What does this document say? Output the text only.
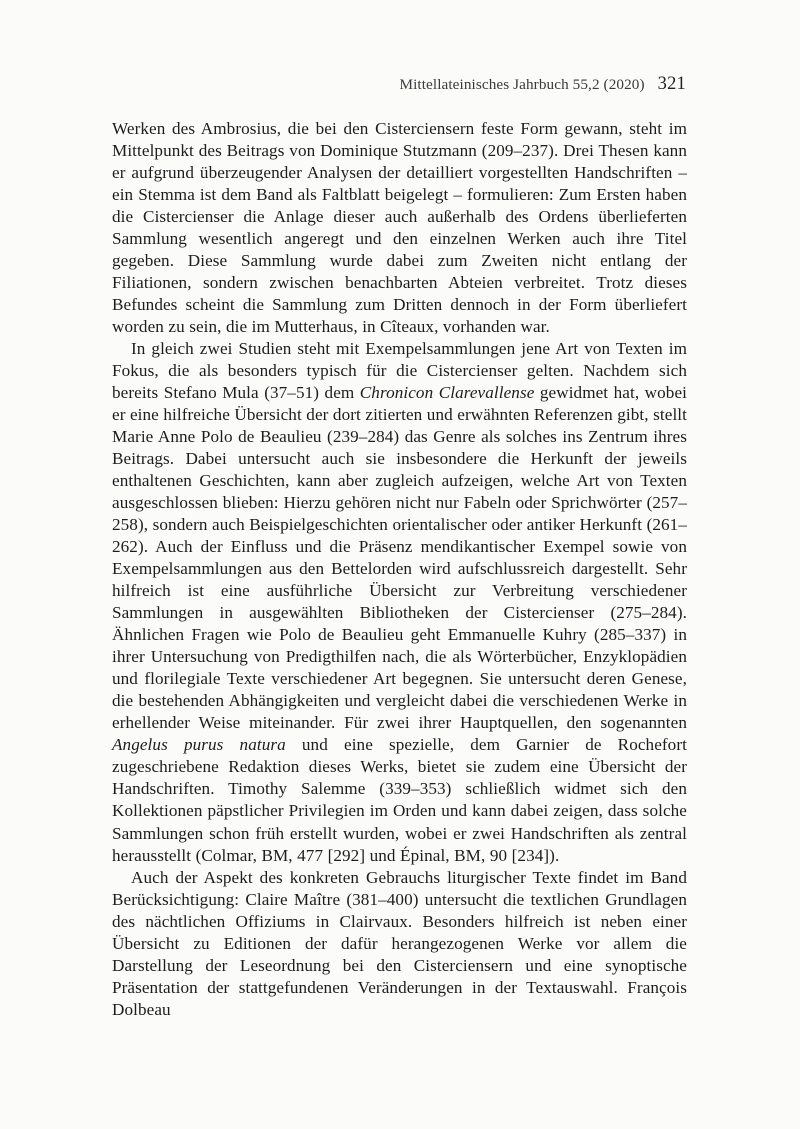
Mittellateinisches Jahrbuch 55,2 (2020) 321

Werken des Ambrosius, die bei den Cisterciensern feste Form gewann, steht im Mittelpunkt des Beitrags von Dominique Stutzmann (209–237). Drei Thesen kann er aufgrund überzeugender Analysen der detailliert vorgestellten Handschriften – ein Stemma ist dem Band als Faltblatt beigelegt – formulieren: Zum Ersten haben die Cistercienser die Anlage dieser auch außerhalb des Ordens überlieferten Sammlung wesentlich angeregt und den einzelnen Werken auch ihre Titel gegeben. Diese Sammlung wurde dabei zum Zweiten nicht entlang der Filiationen, sondern zwischen benachbarten Abteien verbreitet. Trotz dieses Befundes scheint die Sammlung zum Dritten dennoch in der Form überliefert worden zu sein, die im Mutterhaus, in Cîteaux, vorhanden war.

In gleich zwei Studien steht mit Exempelsammlungen jene Art von Texten im Fokus, die als besonders typisch für die Cistercienser gelten. Nachdem sich bereits Stefano Mula (37–51) dem Chronicon Clarevallense gewidmet hat, wobei er eine hilfreiche Übersicht der dort zitierten und erwähnten Referenzen gibt, stellt Marie Anne Polo de Beaulieu (239–284) das Genre als solches ins Zentrum ihres Beitrags. Dabei untersucht auch sie insbesondere die Herkunft der jeweils enthaltenen Geschichten, kann aber zugleich aufzeigen, welche Art von Texten ausgeschlossen blieben: Hierzu gehören nicht nur Fabeln oder Sprichwörter (257–258), sondern auch Beispielgeschichten orientalischer oder antiker Herkunft (261–262). Auch der Einfluss und die Präsenz mendikantischer Exempel sowie von Exempelsammlungen aus den Bettelorden wird aufschlussreich dargestellt. Sehr hilfreich ist eine ausführliche Übersicht zur Verbreitung verschiedener Sammlungen in ausgewählten Bibliotheken der Cistercienser (275–284). Ähnlichen Fragen wie Polo de Beaulieu geht Emmanuelle Kuhry (285–337) in ihrer Untersuchung von Predigthilfen nach, die als Wörterbücher, Enzyklopädien und florilegiale Texte verschiedener Art begegnen. Sie untersucht deren Genese, die bestehenden Abhängigkeiten und vergleicht dabei die verschiedenen Werke in erhellender Weise miteinander. Für zwei ihrer Hauptquellen, den sogenannten Angelus purus natura und eine spezielle, dem Garnier de Rochefort zugeschriebene Redaktion dieses Werks, bietet sie zudem eine Übersicht der Handschriften. Timothy Salemme (339–353) schließlich widmet sich den Kollektionen päpstlicher Privilegien im Orden und kann dabei zeigen, dass solche Sammlungen schon früh erstellt wurden, wobei er zwei Handschriften als zentral herausstellt (Colmar, BM, 477 [292] und Épinal, BM, 90 [234]).

Auch der Aspekt des konkreten Gebrauchs liturgischer Texte findet im Band Berücksichtigung: Claire Maître (381–400) untersucht die textlichen Grundlagen des nächtlichen Offiziums in Clairvaux. Besonders hilfreich ist neben einer Übersicht zu Editionen der dafür herangezogenen Werke vor allem die Darstellung der Leseordnung bei den Cisterciensern und eine synoptische Präsentation der stattgefundenen Veränderungen in der Textauswahl. François Dolbeau
